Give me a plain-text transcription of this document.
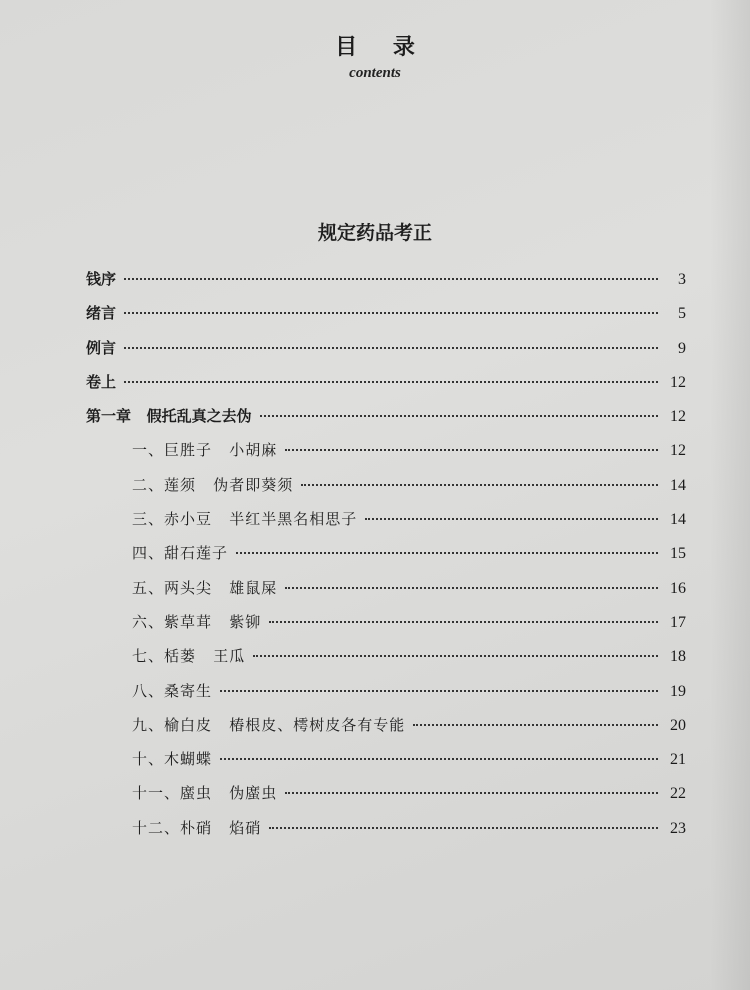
目 录
contents
规定药品考正
钱序	3
绪言	5
例言	9
卷上	12
第一章   假托乱真之去伪	12
一、巨胜子   小胡麻	12
二、莲须   伪者即葵须	14
三、赤小豆   半红半黑名相思子	14
四、甜石莲子	15
五、两头尖   雄鼠屎	16
六、紫草茸   紫铆	17
七、栝蒌   王瓜	18
八、桑寄生	19
九、榆白皮   椿根皮、樗树皮各有专能	20
十、木蝴蝶	21
十一、䗪虫   伪䗪虫	22
十二、朴硝   焰硝	23
